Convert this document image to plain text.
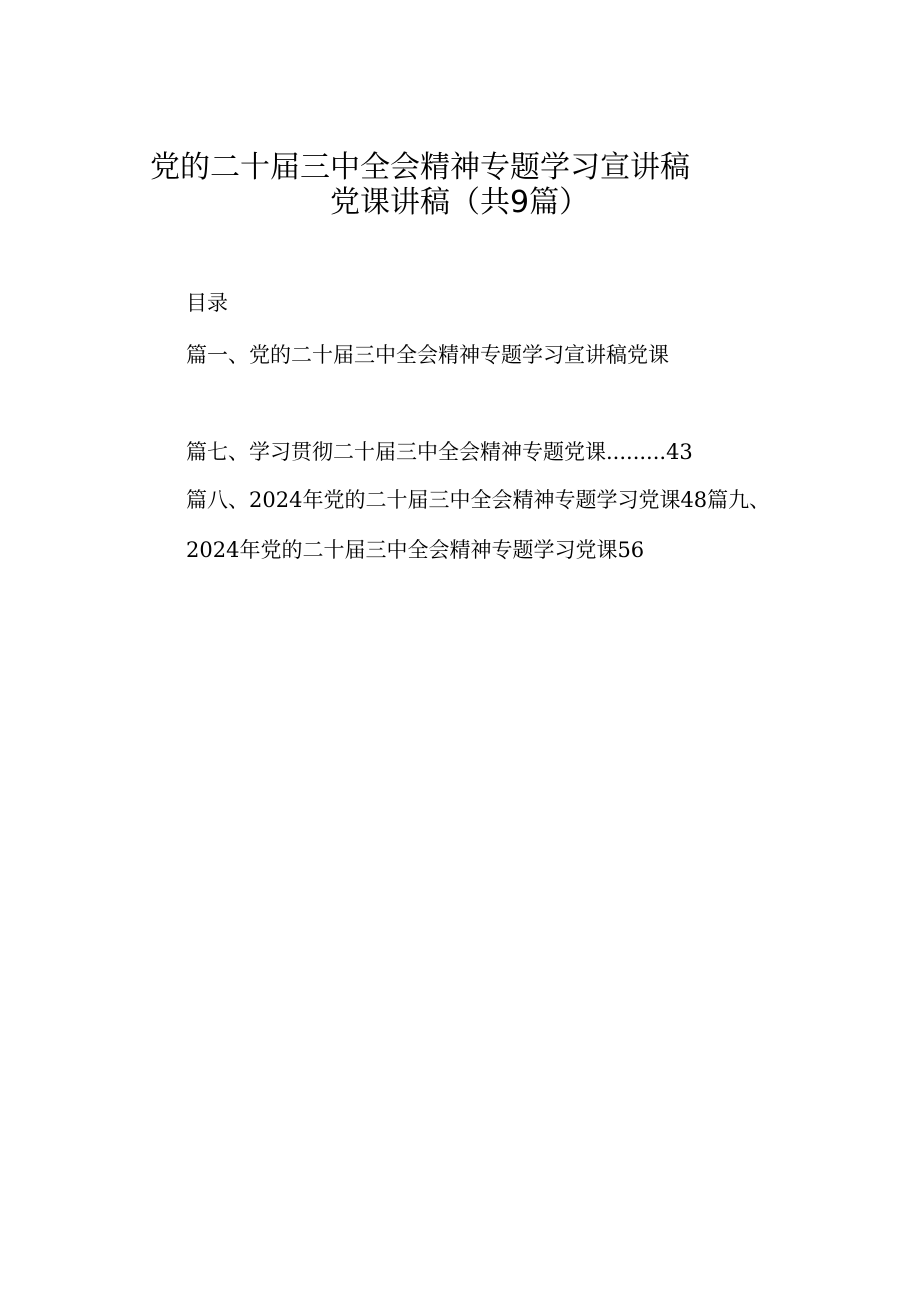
党的二十届三中全会精神专题学习宣讲稿
党课讲稿（共9篇）
目录
篇一、党的二十届三中全会精神专题学习宣讲稿党课
篇七、学习贯彻二十届三中全会精神专题党课.........43
篇八、2024年党的二十届三中全会精神专题学习党课48篇九、
2024年党的二十届三中全会精神专题学习党课56
